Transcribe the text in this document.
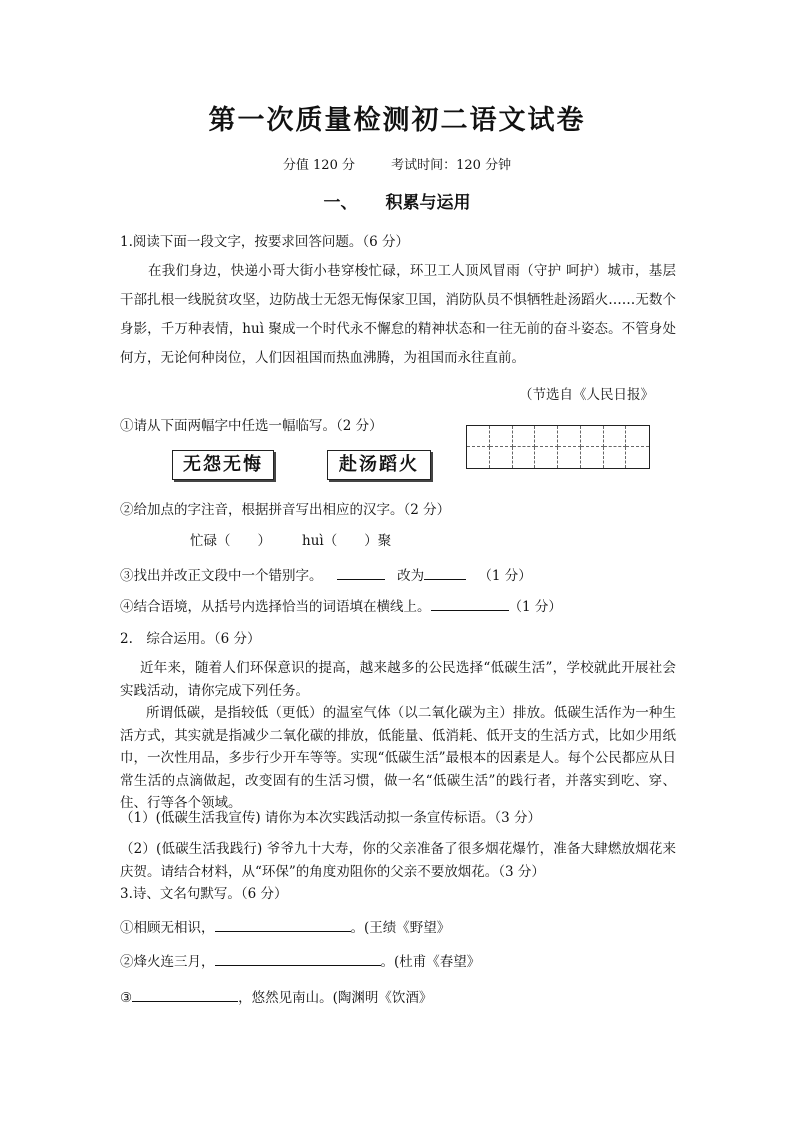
第一次质量检测初二语文试卷
分值 120 分	考试时间：120 分钟
一、 积累与运用
1.阅读下面一段文字，按要求回答问题。（6 分）
在我们身边，快递小哥大街小巷穿梭忙碌，环卫工人顶风冒雨（守护 呵护）城市，基层干部扎根一线脱贫攻坚，边防战士无怨无悔保家卫国，消防队员不惧牺牲赴汤蹈火……无数个身影，千万种表情，huì 聚成一个时代永不懈怠的精神状态和一往无前的奋斗姿态。不管身处何方，无论何种岗位，人们因祖国而热血沸腾，为祖国而永往直前。
（节选自《人民日报》
①请从下面两幅字中任选一幅临写。（2 分）
无怨无悔	赴汤蹈火
②给加点的字注音，根据拼音写出相应的汉字。（2 分）
忙碌（　　） huì（　　）聚
③找出并改正文段中一个错别字。	改为	（1 分）
④结合语境，从括号内选择恰当的词语填在横线上。	（1 分）
2.　综合运用。（6 分）
近年来，随着人们环保意识的提高，越来越多的公民选择“低碳生活”，学校就此开展社会实践活动，请你完成下列任务。
所谓低碳，是指较低（更低）的温室气体（以二氧化碳为主）排放。低碳生活作为一种生活方式，其实就是指减少二氧化碳的排放，低能量、低消耗、低开支的生活方式，比如少用纸巾，一次性用品，多步行少开车等等。实现“低碳生活”最根本的因素是人。每个公民都应从日常生活的点滴做起，改变固有的生活习惯，做一名“低碳生活”的践行者，并落实到吃、穿、住、行等各个领域。
（1）(低碳生活我宣传) 请你为本次实践活动拟一条宣传标语。（3 分）
（2）(低碳生活我践行) 爷爷九十大寿，你的父亲准备了很多烟花爆竹，准备大肆燃放烟花来庆贺。请结合材料，从“环保”的角度劝阻你的父亲不要放烟花。（3 分）
3.诗、文名句默写。（6 分）
①相顾无相识，	。(王绩《野望》
②烽火连三月，	。(杜甫《春望》
③	，悠然见南山。(陶渊明《饮酒》
